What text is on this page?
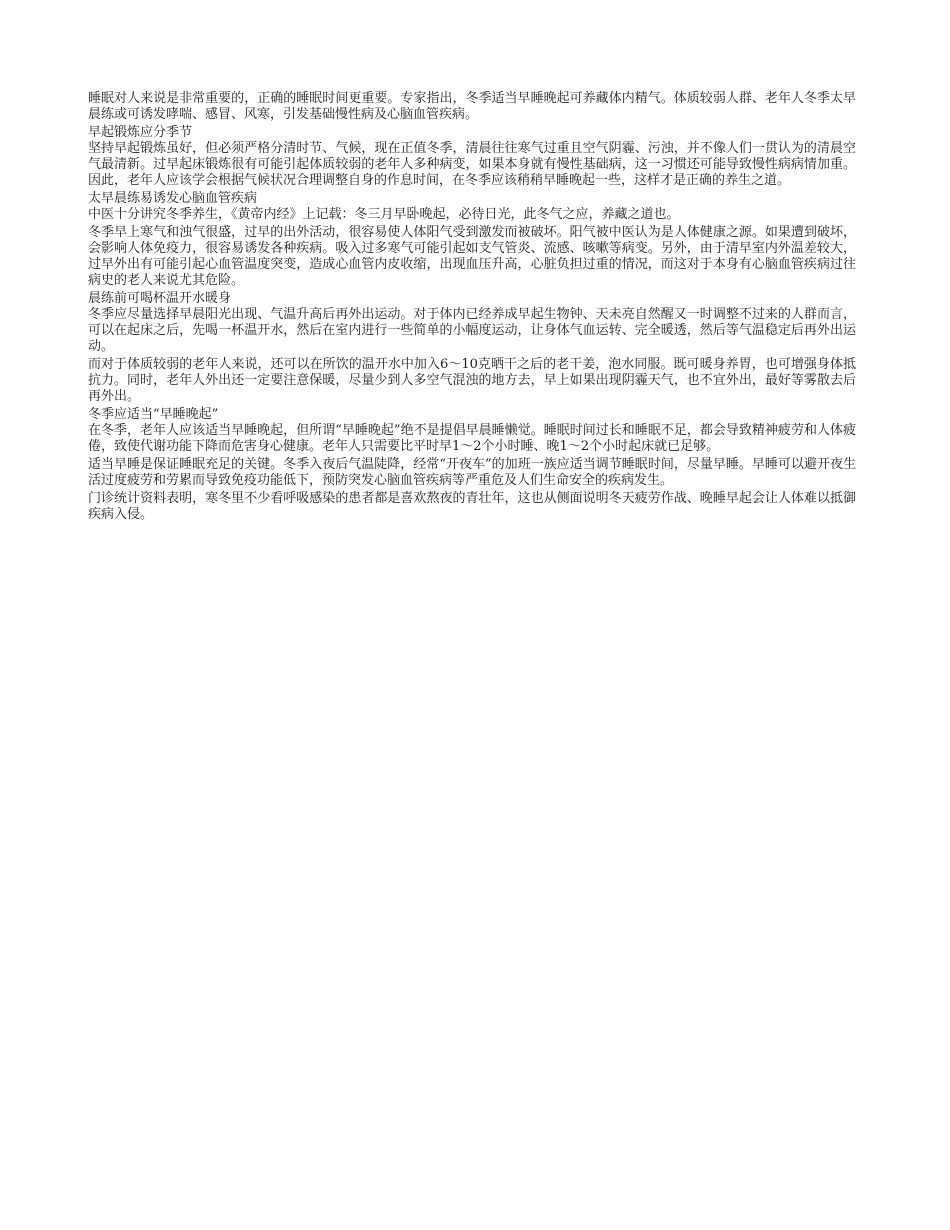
睡眠对人来说是非常重要的，正确的睡眠时间更重要。专家指出，冬季适当早睡晚起可养藏体内精气。体质较弱人群、老年人冬季太早晨练或可诱发哮喘、感冒、风寒，引发基础慢性病及心脑血管疾病。

早起锻炼应分季节

坚持早起锻炼虽好，但必须严格分清时节、气候，现在正值冬季，清晨往往寒气过重且空气阴霾、污浊，并不像人们一贯认为的清晨空气最清新。过早起床锻炼很有可能引起体质较弱的老年人多种病变，如果本身就有慢性基础病，这一习惯还可能导致慢性病病情加重。因此，老年人应该学会根据气候状况合理调整自身的作息时间，在冬季应该稍稍早睡晚起一些，这样才是正确的养生之道。

太早晨练易诱发心脑血管疾病

中医十分讲究冬季养生，《黄帝内经》上记载：冬三月早卧晚起，必待日光，此冬气之应，养藏之道也。

冬季早上寒气和浊气很盛，过早的出外活动，很容易使人体阳气受到激发而被破坏。阳气被中医认为是人体健康之源。如果遭到破坏，会影响人体免疫力，很容易诱发各种疾病。吸入过多寒气可能引起如支气管炎、流感、咳嗽等病变。另外，由于清早室内外温差较大，过早外出有可能引起心血管温度突变，造成心血管内皮收缩，出现血压升高，心脏负担过重的情况，而这对于本身有心脑血管疾病过往病史的老人来说尤其危险。

晨练前可喝杯温开水暖身

冬季应尽量选择早晨阳光出现、气温升高后再外出运动。对于体内已经养成早起生物钟、天未亮自然醒又一时调整不过来的人群而言，可以在起床之后，先喝一杯温开水，然后在室内进行一些简单的小幅度运动，让身体气血运转、完全暖透，然后等气温稳定后再外出运动。

而对于体质较弱的老年人来说，还可以在所饮的温开水中加入6～10克晒干之后的老干姜，泡水同服。既可暖身养胃，也可增强身体抵抗力。同时，老年人外出还一定要注意保暖，尽量少到人多空气混浊的地方去，早上如果出现阴霾天气，也不宜外出，最好等雾散去后再外出。

冬季应适当“早睡晚起”

在冬季，老年人应该适当早睡晚起，但所谓“早睡晚起”绝不是提倡早晨睡懒觉。睡眠时间过长和睡眠不足，都会导致精神疲劳和人体疲倦，致使代谢功能下降而危害身心健康。老年人只需要比平时早1～2个小时睡、晚1～2个小时起床就已足够。

适当早睡是保证睡眠充足的关键。冬季入夜后气温陡降，经常“开夜车”的加班一族应适当调节睡眠时间，尽量早睡。早睡可以避开夜生活过度疲劳和劳累而导致免疫功能低下，预防突发心脑血管疾病等严重危及人们生命安全的疾病发生。

门诊统计资料表明，寒冬里不少看呼吸感染的患者都是喜欢熬夜的青壮年，这也从侧面说明冬天疲劳作战、晚睡早起会让人体难以抵御疾病入侵。
